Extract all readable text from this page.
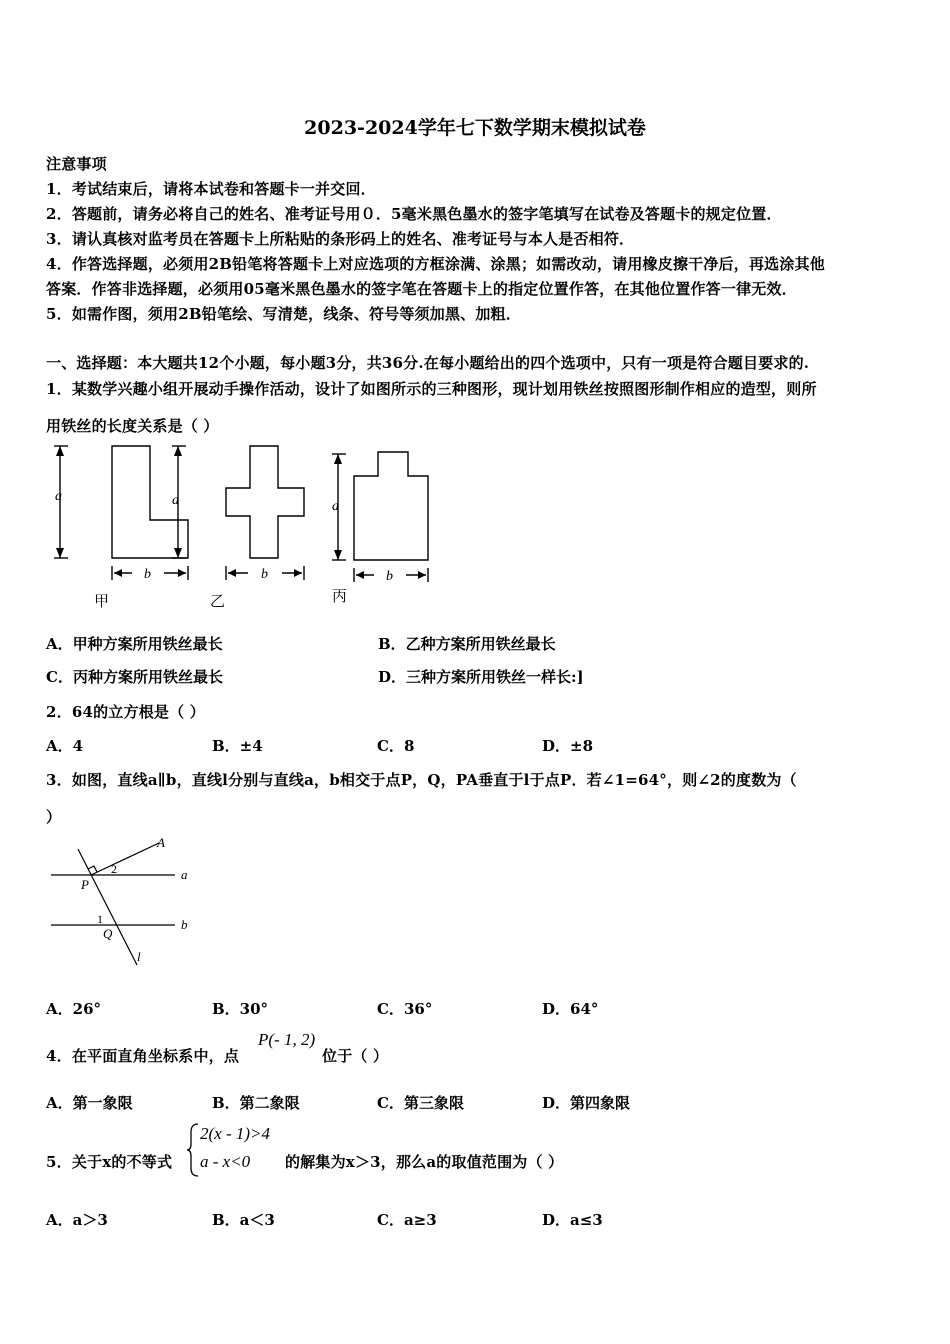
2023-2024学年七下数学期末模拟试卷
注意事项
1．考试结束后，请将本试卷和答题卡一并交回．
2．答题前，请务必将自己的姓名、准考证号用０．5毫米黑色墨水的签字笔填写在试卷及答题卡的规定位置．
3．请认真核对监考员在答题卡上所粘贴的条形码上的姓名、准考证号与本人是否相符．
4．作答选择题，必须用2B铅笔将答题卡上对应选项的方框涂满、涂黑；如需改动，请用橡皮擦干净后，再选涂其他
答案．作答非选择题，必须用05毫米黑色墨水的签字笔在答题卡上的指定位置作答，在其他位置作答一律无效．
5．如需作图，须用2B铅笔绘、写清楚，线条、符号等须加黑、加粗．
一、选择题：本大题共12个小题，每小题3分，共36分.在每小题给出的四个选项中，只有一项是符合题目要求的.
1．某数学兴趣小组开展动手操作活动，设计了如图所示的三种图形，现计划用铁丝按照图形制作相应的造型，则所
用铁丝的长度关系是（ ）
a
b
a
b
a
b
甲	乙	丙
A．甲种方案所用铁丝最长	B．乙种方案所用铁丝最长
C．丙种方案所用铁丝最长	D．三种方案所用铁丝一样长:]
2．64的立方根是（ ）
A．4	B．±4	C．8	D．±8
3．如图，直线a∥b，直线l分别与直线a，b相交于点P，Q，PA垂直于l于点P．若∠1=64°，则∠2的度数为（
）
A
P
Q
a
b
l
1
2
A．26°	B．30°	C．36°	D．64°
4．在平面直角坐标系中，点
P(- 1, 2)
位于（ ）
A．第一象限	B．第二象限	C．第三象限	D．第四象限
5．关于x的不等式
2(x - 1)>4
a - x<0 的解集为x＞3，那么a的取值范围为（ ）
A．a＞3	B．a＜3	C．a≥3	D．a≤3
